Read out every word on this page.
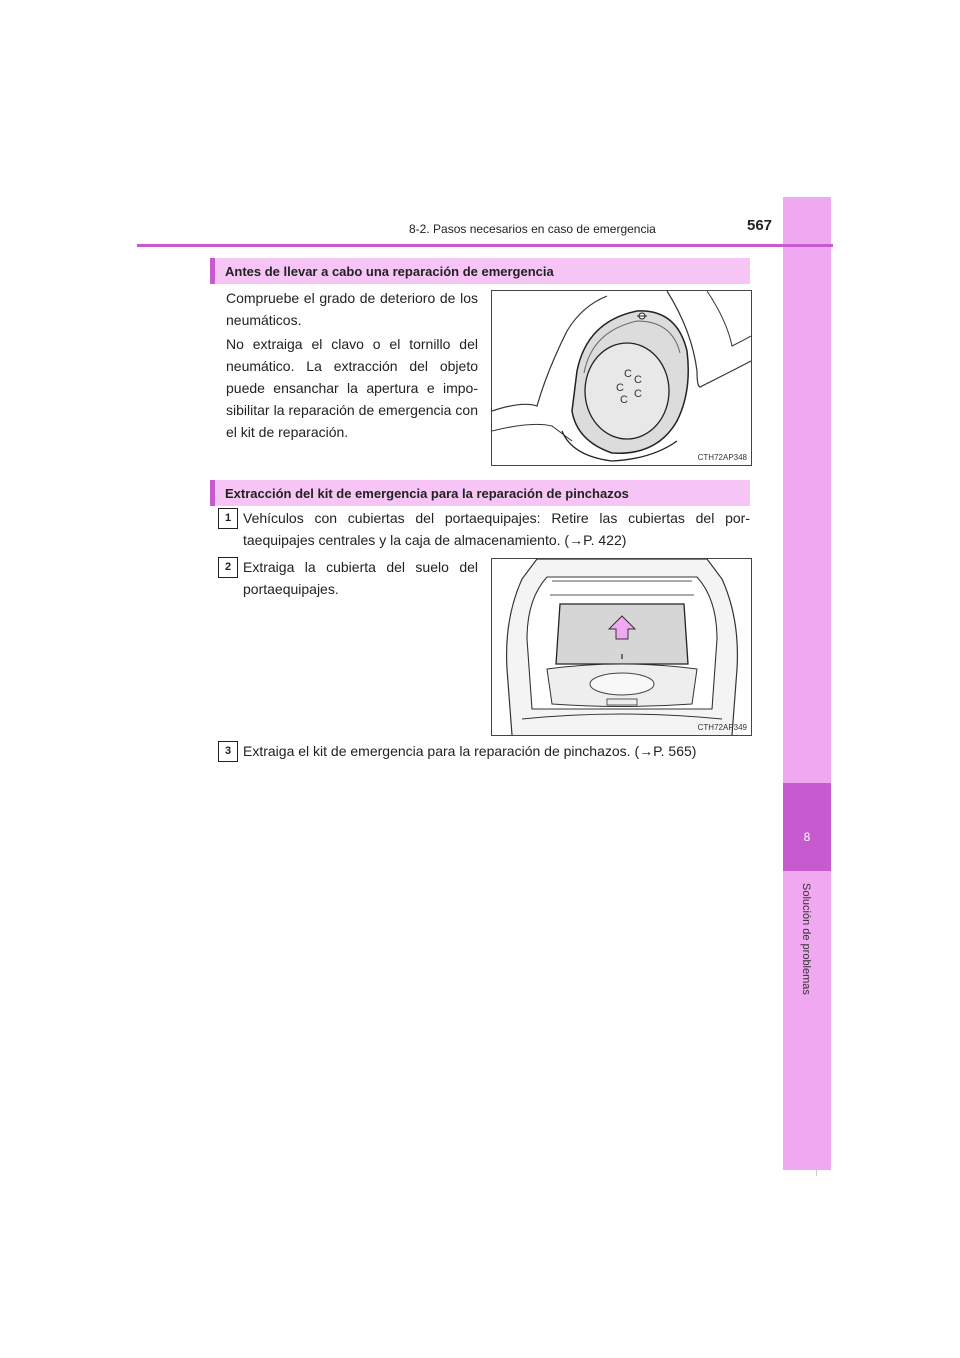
8
Solución de problemas
8-2. Pasos necesarios en caso de emergencia	567
Antes de llevar a cabo una reparación de emergencia
Compruebe el grado de deterioro de los neumáticos.
No extraiga el clavo o el tornillo del neumático. La extracción del objeto puede ensanchar la apertura e impo-sibilitar la reparación de emergencia con el kit de reparación.
C C
C C
C
CTH72AP348
Extracción del kit de emergencia para la reparación de pinchazos
1 Vehículos con cubiertas del portaequipajes: Retire las cubiertas del por-taequipajes centrales y la caja de almacenamiento. (→P. 422)
2 Extraiga la cubierta del suelo del portaequipajes.
CTH72AP349
3 Extraiga el kit de emergencia para la reparación de pinchazos. (→P. 565)
